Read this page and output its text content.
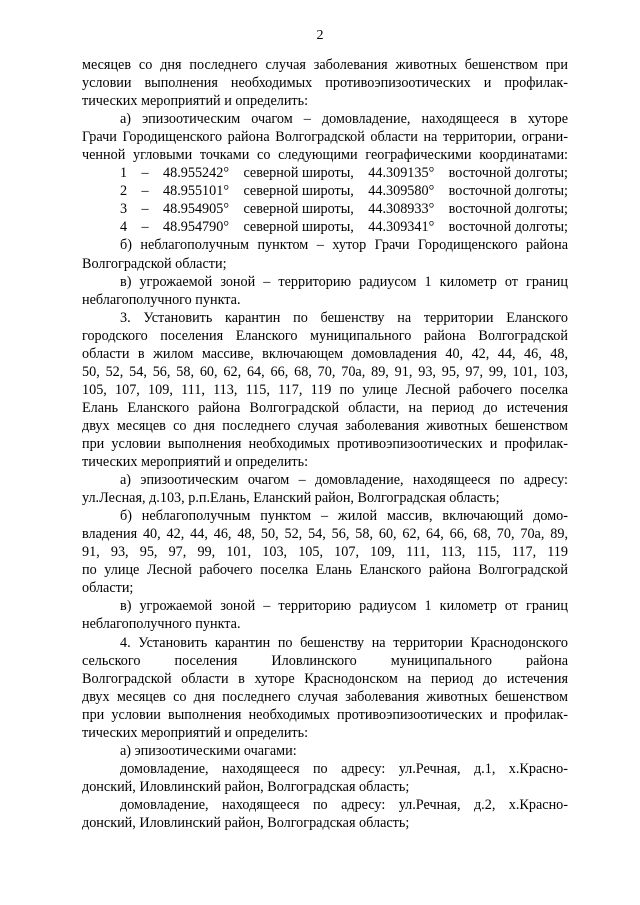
2
месяцев со дня последнего случая заболевания животных бешенством при
условии выполнения необходимых противоэпизоотических и профилак-
тических мероприятий и определить:
а) эпизоотическим очагом – домовладение, находящееся в хуторе
Грачи Городищенского района Волгоградской области на территории, ограни-
ченной угловыми точками со следующими географическими координатами:
1 – 48.955242° северной широты, 44.309135° восточной долготы;
2 – 48.955101° северной широты, 44.309580° восточной долготы;
3 – 48.954905° северной широты, 44.308933° восточной долготы;
4 – 48.954790° северной широты, 44.309341° восточной долготы;
б) неблагополучным пунктом – хутор Грачи Городищенского района
Волгоградской области;
в) угрожаемой зоной – территорию радиусом 1 километр от границ
неблагополучного пункта.
3. Установить карантин по бешенству на территории Еланского
городского поселения Еланского муниципального района Волгоградской
области в жилом массиве, включающем домовладения 40, 42, 44, 46, 48,
50, 52, 54, 56, 58, 60, 62, 64, 66, 68, 70, 70а, 89, 91, 93, 95, 97, 99, 101, 103,
105, 107, 109, 111, 113, 115, 117, 119 по улице Лесной рабочего поселка
Елань Еланского района Волгоградской области, на период до истечения
двух месяцев со дня последнего случая заболевания животных бешенством
при условии выполнения необходимых противоэпизоотических и профилак-
тических мероприятий и определить:
а) эпизоотическим очагом – домовладение, находящееся по адресу:
ул.Лесная, д.103, р.п.Елань, Еланский район, Волгоградская область;
б) неблагополучным пунктом – жилой массив, включающий домо-
владения 40, 42, 44, 46, 48, 50, 52, 54, 56, 58, 60, 62, 64, 66, 68, 70, 70а, 89,
91, 93, 95, 97, 99, 101, 103, 105, 107, 109, 111, 113, 115, 117, 119
по улице Лесной рабочего поселка Елань Еланского района Волгоградской
области;
в) угрожаемой зоной – территорию радиусом 1 километр от границ
неблагополучного пункта.
4. Установить карантин по бешенству на территории Краснодонского
сельского поселения Иловлинского муниципального района
Волгоградской области в хуторе Краснодонском на период до истечения
двух месяцев со дня последнего случая заболевания животных бешенством
при условии выполнения необходимых противоэпизоотических и профилак-
тических мероприятий и определить:
а) эпизоотическими очагами:
домовладение, находящееся по адресу: ул.Речная, д.1, х.Красно-
донский, Иловлинский район, Волгоградская область;
домовладение, находящееся по адресу: ул.Речная, д.2, х.Красно-
донский, Иловлинский район, Волгоградская область;
